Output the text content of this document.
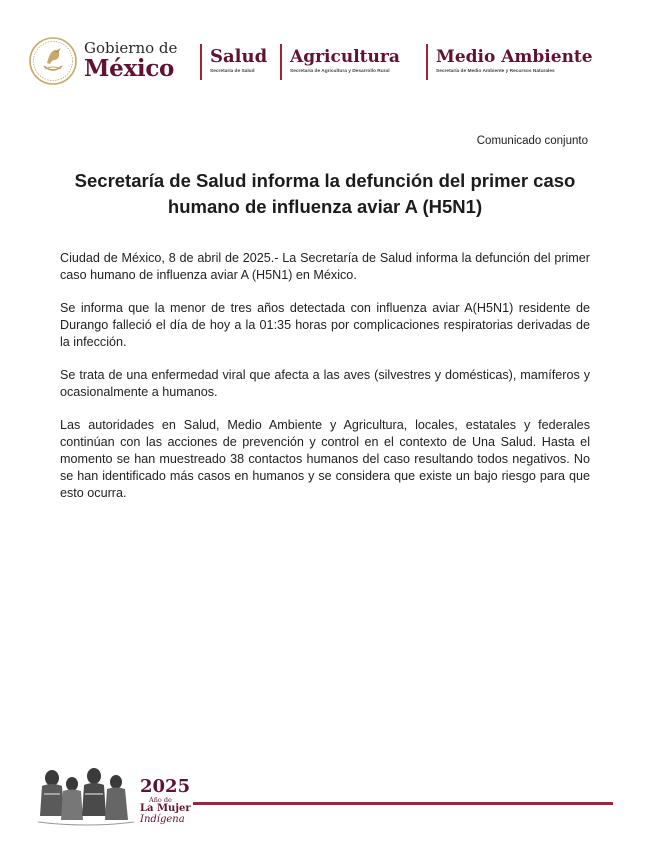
Gobierno de
México Salud
Secretaría de Salud
Agricultura
Secretaría de Agricultura y Desarrollo Rural
Medio Ambiente
Secretaría de Medio Ambiente y Recursos Naturales
Comunicado conjunto
Secretaría de Salud informa la defunción del primer caso humano de influenza aviar A (H5N1)

Ciudad de México, 8 de abril de 2025.- La Secretaría de Salud informa la defunción del primer caso humano de influenza aviar A (H5N1) en México.

Se informa que la menor de tres años detectada con influenza aviar A(H5N1) residente de Durango falleció el día de hoy a la 01:35 horas por complicaciones respiratorias derivadas de la infección.

Se trata de una enfermedad viral que afecta a las aves (silvestres y domésticas), mamíferos y ocasionalmente a humanos.

Las autoridades en Salud, Medio Ambiente y Agricultura, locales, estatales y federales continúan con las acciones de prevención y control en el contexto de Una Salud. Hasta el momento se han muestreado 38 contactos humanos del caso resultando todos negativos. No se han identificado más casos en humanos y se considera que existe un bajo riesgo para que esto ocurra.

2025
Año de
La Mujer
Indígena
